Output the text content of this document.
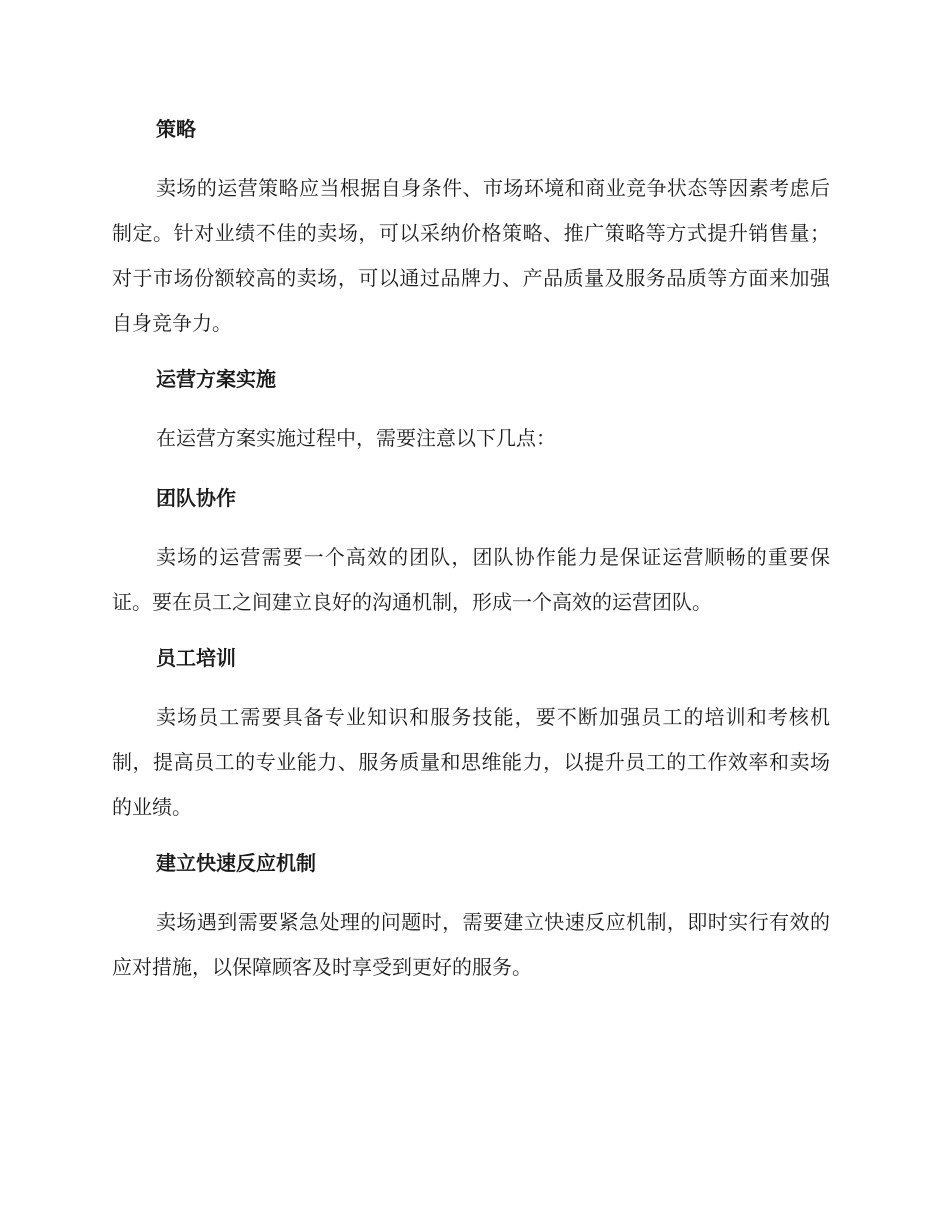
策略

卖场的运营策略应当根据自身条件、市场环境和商业竞争状态等因素考虑后制定。针对业绩不佳的卖场，可以采纳价格策略、推广策略等方式提升销售量；对于市场份额较高的卖场，可以通过品牌力、产品质量及服务品质等方面来加强自身竞争力。

运营方案实施

在运营方案实施过程中，需要注意以下几点：

团队协作

卖场的运营需要一个高效的团队，团队协作能力是保证运营顺畅的重要保证。要在员工之间建立良好的沟通机制，形成一个高效的运营团队。

员工培训

卖场员工需要具备专业知识和服务技能，要不断加强员工的培训和考核机制，提高员工的专业能力、服务质量和思维能力，以提升员工的工作效率和卖场的业绩。

建立快速反应机制

卖场遇到需要紧急处理的问题时，需要建立快速反应机制，即时实行有效的应对措施，以保障顾客及时享受到更好的服务。
